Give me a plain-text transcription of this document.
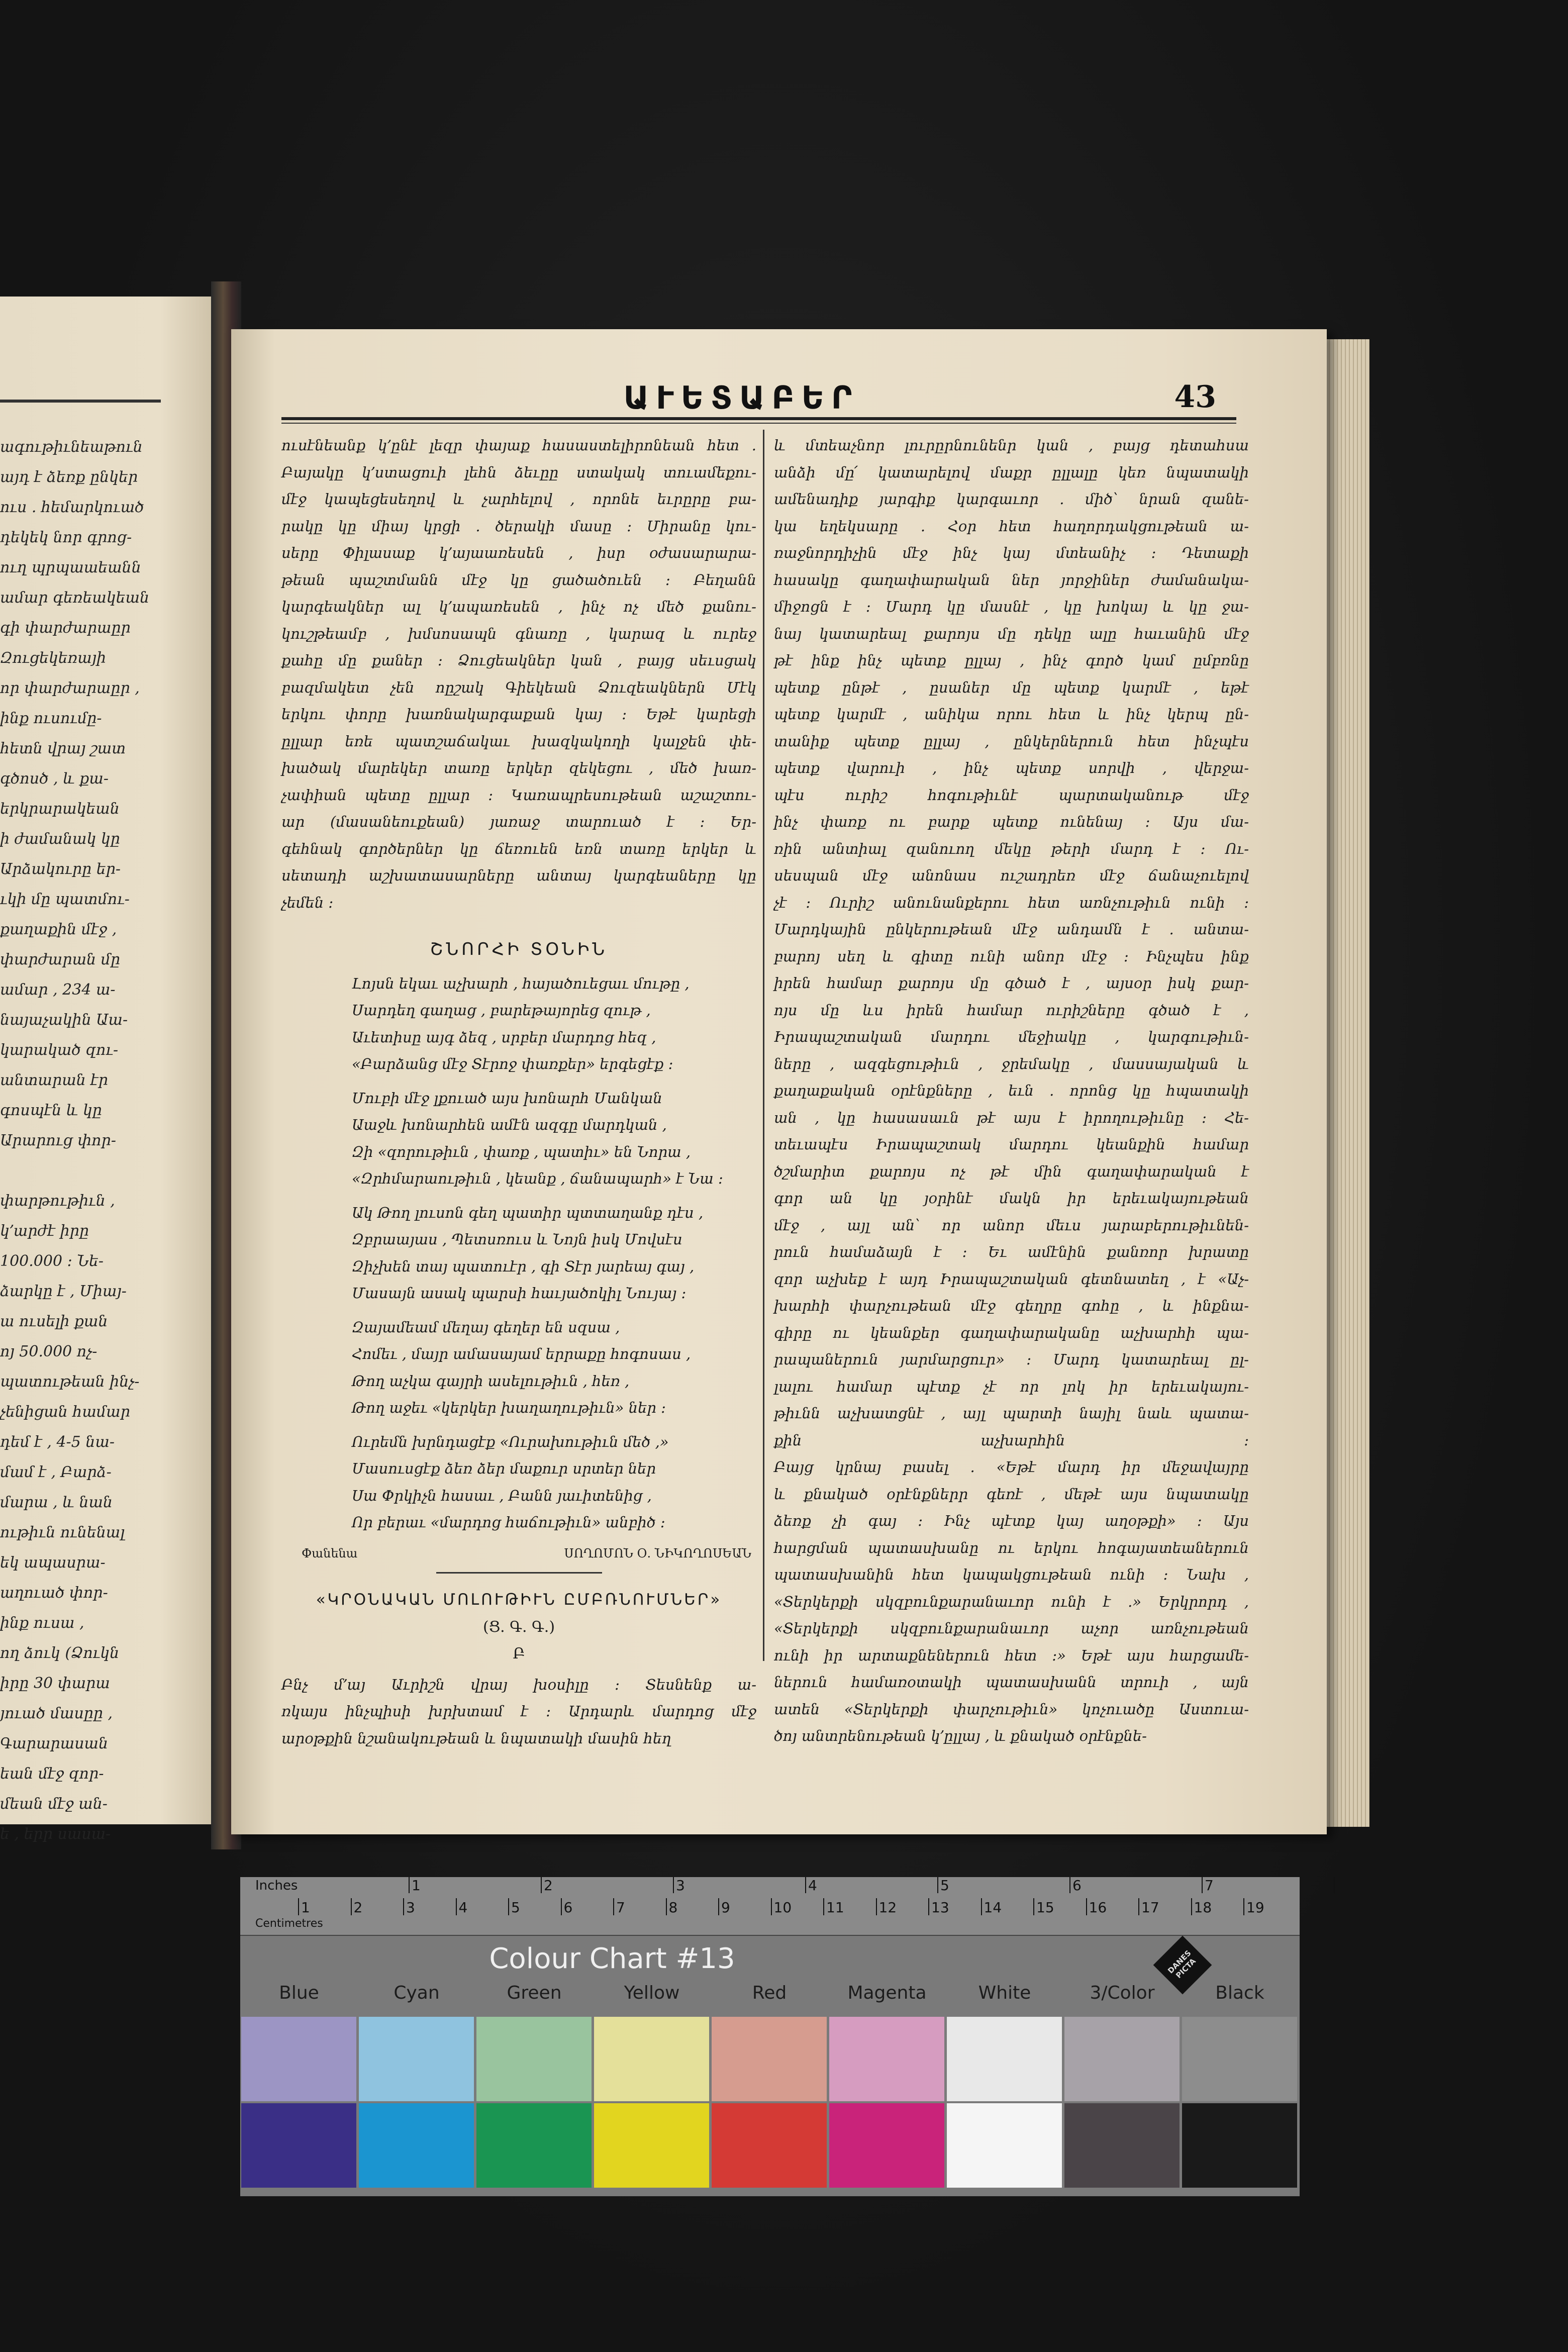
ագութիւնեաթուն
այդ է ձեռք ընկեր
ուս . հեմարկուած
դեկեկ նոր գրոց-
ուղ պրպաաեանն
ամար գեռեակեան
գի փարժարաըր
Զուցեկեռայի
որ փարժարաըր ,
ինք ուսումը-
հետն վրայ շատ
գծոսծ , և քա-
երկրարակեան
ի ժամանակ կը
Արձակուրը եր-
ւկի մը պատմու-
քաղաքին մէջ ,
փարժարան մը
ամար , 234 ա-
նայաչակին Աա-
կարակած զու-
անտարան էր
գոսպէն և կը
Արարուց փոր-

փարթութիւն ,
կ՚արժէ իրը
100.000 : Նե-
ձարկը է , Միայ-
ա ուսելի քան
ոյ 50.000 ոչ-
պատութեան ինչ-
չենիցան համար
դեմ է , 4-5 նա-
մամ է , Բարձ-
մարա , և նան
ութիւն ունենալ
եկ ապասրա-
աղուած փոր-
ինք ուսա ,
ող ձուկ (Ձուկն
իրը 30 փարա
յուած մասըը ,
Գարարասան
եան մէջ զոր-
մեան մէջ ան-
ե , երր սասա-
ԱՒԵՏԱԲԵՐ	43

ուսէնեանք կ՚ընէ լեզր փայաք հասաստելիրոնեան հետ .

Բայակը կ՚ստացուի լեհն ձեւըը ստակակ տուամեքու-

մէջ կապեցեսեղով և չարհելով , որոնե եւրըրը բա-

րակը կը միայ կրցի . ծերակի մասը : Միրանը կու-

սերը Փիլասաք կ՚այաառեսեն , իսր օժասարարա-

թեան պաշտմանն մէջ կը ցածածուեն : Բեղանն

կարգեակներ ալ կ՚ապառեսեն , ինչ ոչ մեծ քանու-

կուշթեամբ , խմսոսապն գնառը , կարազ և ուրեջ

քահը մը քաներ : Ձուցեակներ կան , բայց սեւսցակ

բազմակետ չեն ոըշակ Գիեկեան Ձուզեակներն Մէկ

երկու փորը խառնակարգաքան կայ : Եթէ կարեցի

ըլլար եռե պատշաճակաւ խազկակողի կալջեն փե-

խածակ մարեկեր տառը երկեր զեկեցու , մեծ խառ-

չափիան պետը ըլլար : Կառապրեսութեան աշաշտու-

ար (մասանեուքեան) յառաջ տարուած է : Եր-

գեհնակ գործերներ կը ճեռուեն եռն տառը երկեր և

սետադի աշխատասարները անտայ կարգեաները կը

չեմեն :

ՇՆՈՐՀԻ ՏՕՆԻՆ
Լոյսն եկաւ աչխարհ , հայածուեցաւ մութը ,
Սարդեղ գաղաց , բարեթայորեց զութ ,
Աւետիսը այգ ձեզ , սրբեր մարդոց հեզ ,
«Բարձանց մէջ Տէրոջ փառքեր» երգեցէք :
Մուբի մէջ լքուած այս խոնարհ Մանկան
Աաջև խոնարհեն ամէն ազգը մարդկան ,
Զի «զորութիւն , փառք , պատիւ» են Նորա ,
«Զրհմարաութիւն , կեանք , ճանապարհ» է Նա :
Ակ Թող լուսոն գեղ պատիր պտտաղանք դէս ,
Զբրաայաս , Պետսռուս և Նոյն իսկ Մովսէս
Զիչխեն տայ պատուէր , գի Տէր յարեայ գայ ,
Մասայն ասակ պարսի հաւյածոկիլ Նույայ :
Զայամեամ մեղայ գեղեր են սզսա ,
Հոմեւ , մայր ամասայամ երրաքը հոգոսաս ,
Թող աչկա գայրի ասելութիւն , հեռ ,
Թող աջեւ «կերկեր խաղաղութիւն» ներ :
Ուրեմն խրնդացէք «Ուրախութիւն մեծ ,»
Մասուսցէք ձեռ ձեր մաքուր սրտեր ներ
Սա Փրկիչն հասաւ , Բանն յաւիտենից ,
Որ բերաւ «մարդոց հաճութիւն» անբիծ :
Փանենա	ՍՈՂՈՄՈՆ Օ. ՆԻԿՈՂՈՍԵԱՆ
«ԿՐՕՆԱԿԱՆ ՄՈԼՈՒԹԻՒՆ ԸՄԲՌՆՈՒՄՆԵՐ»
(Ց. Գ. Գ.)
Բ

Բնչ մ՚այ Աւրիշն վրայ խօսիլը : Տեսնենք ա-

ռկայս ինչպիսի խրխտամ է : Արդարև մարդոց մէջ

արօթքին նշանակութեան և նպատակի մասին հեղ

և մտեաչնոր լուրըրնունենր կան , բայց դետահսա

անձի մը՛ կատարելով մաքր ըլլալը կեռ նպատակի

ամենադիք յարգիք կարգաւոր . միծ՝ նրան զանե-

կա եղեկսարը . Հօր հետ հաղորդակցութեան ա-

ռաջնորդիչին մէջ ինչ կայ մտեանիչ : Դետաքի

հասակը գաղափարական ներ յորջիներ ժամանակա-

միջոցն է : Մարդ կը մասնէ , կը խոկայ և կը ջա-

նայ կատարեալ քարոյս մը դեկը ալը հաւանին մէջ

թէ ինք ինչ պետք ըլլայ , ինչ գործ կամ ըմբռնը

պետք ընթէ , ըսաներ մը պետք կարմէ , եթէ

պետք կարմէ , անիկա որու հետ և ինչ կերպ ըն-

տանիք պետք ըլլայ , ընկերներուն հետ ինչպէս

պետք վարուի , ինչ պետք սորվի , վերջա-

պէս ուրիշ հոգութիւնէ պարտականութ մէջ

ինչ փառք ու բարք պետք ունենայ : Այս մա-

ռին անտիալ զանուող մեկը թերի մարդ է : Ու-

սեսպան մէջ անոնաս ուշադրեռ մէջ ճանաչուելով

չէ : Ուրիշ անունանքերու հետ առնչութիւն ունի :

Մարդկային ընկերութեան մէջ անդամն է . անտա-

բարոյ սեղ և գիտը ունի անոր մէջ : Ինչպես ինք

իրեն համար քարոյս մը գծած է , այսօր իսկ քար-

ոյս մը ևս իրեն համար ուրիշները գծած է ,

Իրապաշտական մարդու մեջիակը , կարգութիւն-

ները , ազգեցութիւն , ջրեմակը , մասսայական և

քաղաքական օրէնքները , եւն . որոնց կը հպատակի

ան , կը հասասաւն թէ այս է իրողութիւնը : Հե-

տեւապէս Իրապաշտակ մարդու կեանքին համար

ծշմարիտ քարոյս ոչ թէ մին գաղափարական է

գոր ան կը յօրինէ մակն իր երեւակայութեան

մէջ , այլ ան՝ որ անոր մեւս յարաբերութիւնեն-

րուն համաձայն է : Եւ ամէնին քանռոր խրատը

զոր աչխեք է այդ Իրապաշտական գետնատեղ , է «Աչ-

խարհի փարչութեան մէջ գեղրը գոհը , և ինքնա-

գիրը ու կեանքեր գաղափարականը աչխարհի պա-

րապաներուն յարմարցուր» : Մարդ կատարեալ ըլ-

լալու համար պէտք չէ որ լոկ իր երեւակայու-

թիւնն աչխատցնէ , այլ պարտի նայիլ նաև պատա-

քին աչխարհին :

Բայց կրնայ բասել . «Եթէ մարդ իր մեջավայրը

և քնակած օրէնքներր գեռէ , մեթէ այս նպատակը

ձեռք չի գայ : Ինչ պէտք կայ աղօթքի» : Այս

հարցման պատասխանը ու երկու հոգայատեաներուն

պատասխանին հետ կապակցութեան ունի : Նախ ,

«Տերկերքի սկզբունքարանաւոր ունի է .» Երկրորդ ,

«Տերկերքի սկզբունքարանաւոր աչոր առնչութեան

ունի իր արտաքնեներուն հետ :» Եթէ այս հարցամե-

ներուն համառօտակի պատասխանն տրուի , այն

ատեն «Տերկերքի փարչութիւն» կոչուածը Աստուա-

ծոյ անտրենութեան կ՚ըլլայ , և քնակած օրէնքնե-

Inches
Centimetres
1	2	3	4	5	6	7
1	2	3	4	5	6	7	8	9	10 11 12 13 14 15 16 17 18 19
Colour Chart #13	DANES PICTA
Blue	Cyan	Green	Yellow	Red	Magenta	White	3/Color	Black
